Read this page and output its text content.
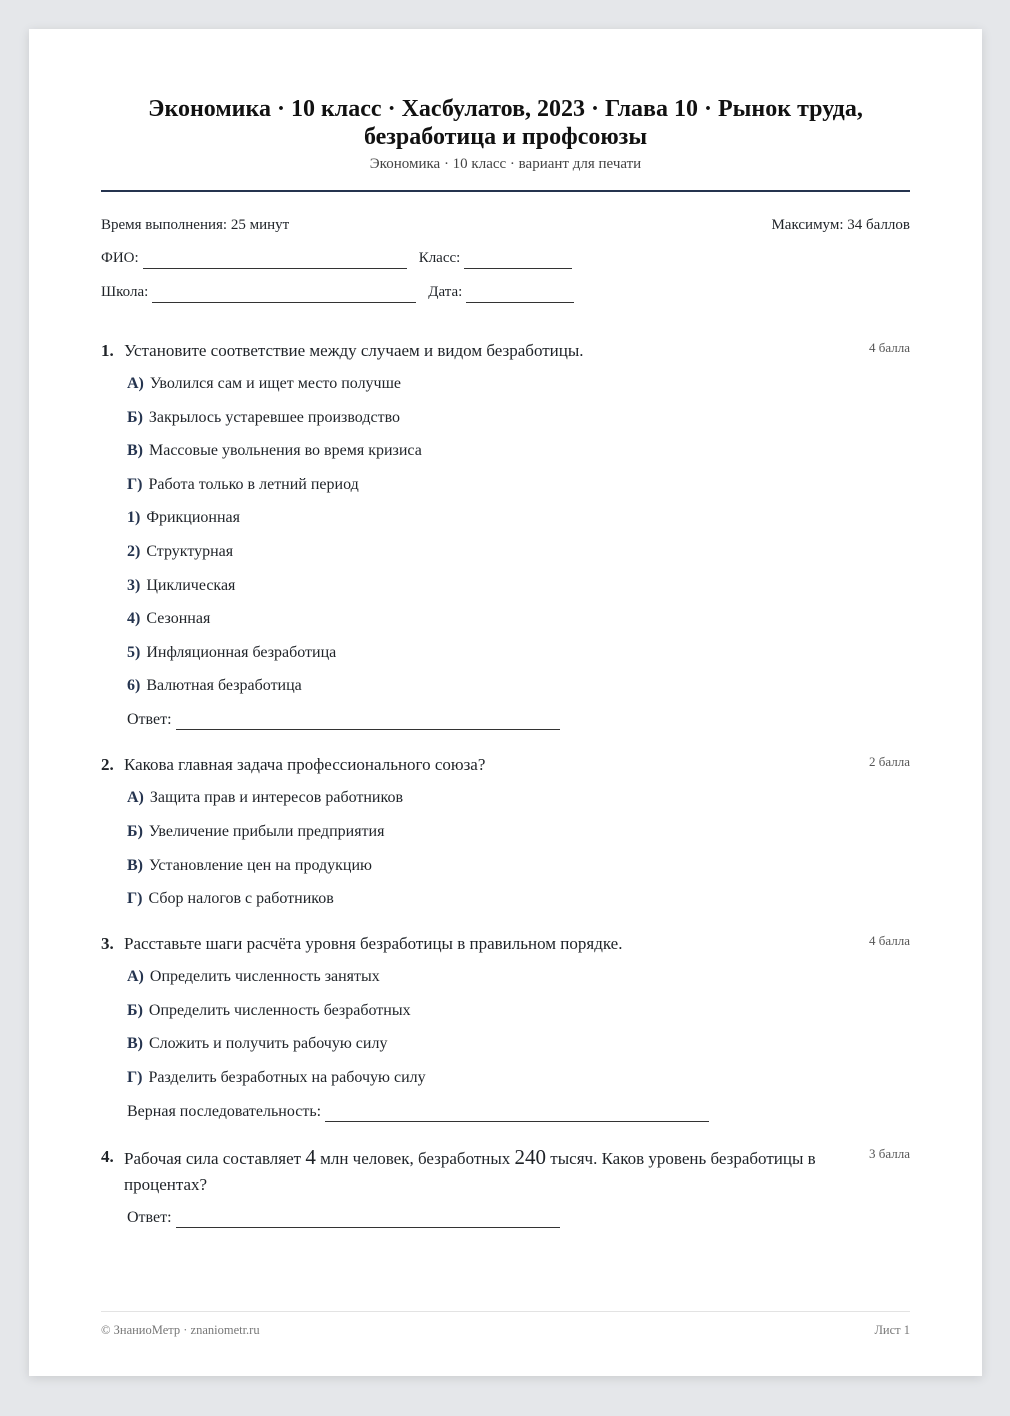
Экономика · 10 класс · Хасбулатов, 2023 · Глава 10 · Рынок труда, безработица и профсоюзы
Экономика · 10 класс · вариант для печати
Время выполнения: 25 минут	Максимум: 34 баллов
ФИО:	Класс:
Школа:	Дата:
1. Установите соответствие между случаем и видом безработицы.	4 балла
А) Уволился сам и ищет место получше
Б) Закрылось устаревшее производство
В) Массовые увольнения во время кризиса
Г) Работа только в летний период
1) Фрикционная
2) Структурная
3) Циклическая
4) Сезонная
5) Инфляционная безработица
6) Валютная безработица
Ответ:
2. Какова главная задача профессионального союза?	2 балла
А) Защита прав и интересов работников
Б) Увеличение прибыли предприятия
В) Установление цен на продукцию
Г) Сбор налогов с работников
3. Расставьте шаги расчёта уровня безработицы в правильном порядке.	4 балла
А) Определить численность занятых
Б) Определить численность безработных
В) Сложить и получить рабочую силу
Г) Разделить безработных на рабочую силу
Верная последовательность:
4. Рабочая сила составляет 4 млн человек, безработных 240 тысяч. Каков уровень безработицы в процентах?
3 балла
Ответ:
© ЗнаниоМетр · znaniometr.ru	Лист 1
